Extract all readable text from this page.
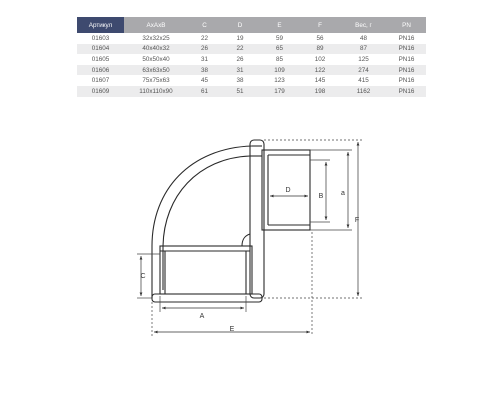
Артикул	AxAxB	C	D	E	F	Вес, г	PN
01603	32x32x25	22	19	59	56	48	PN16
01604	40x40x32	26	22	65	89	87	PN16
01605	50x50x40	31	26	85	102	125	PN16
01606	63x63x50	38	31	109	122	274	PN16
01607	75x75x63	45	38	123	145	415	PN16
01609	110x110x90	61	51	179	198	1162	PN16
A
E
C
D
B	a
F
